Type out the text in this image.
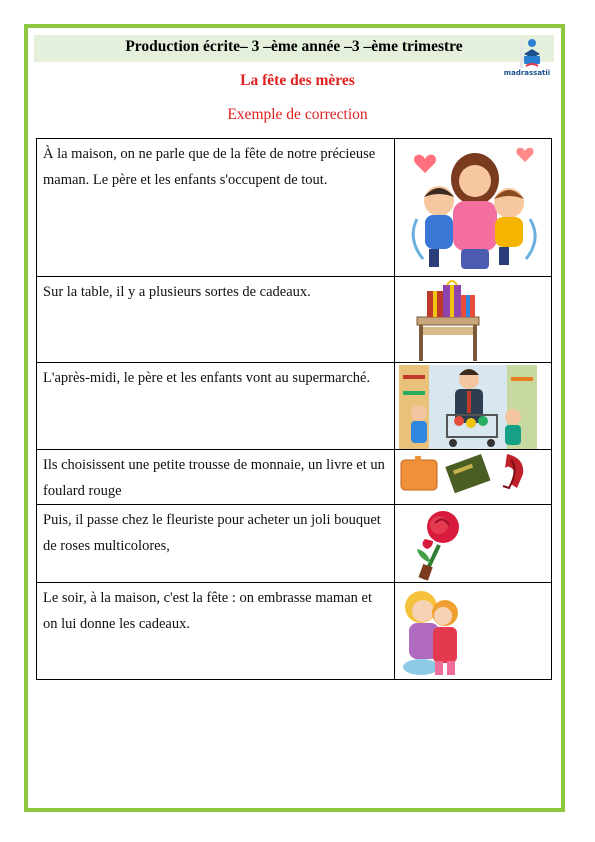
Production écrite– 3 –ème année –3 –ème trimestre
madrassatii
La fête des mères
Exemple de correction
À la maison, on ne parle que de la fête de notre précieuse maman. Le père et les enfants s'occupent de tout.	

Sur la table, il y a plusieurs sortes de cadeaux.	

L'après-midi, le père et les enfants vont au supermarché.	

Ils choisissent une petite trousse de monnaie, un livre et un foulard rouge	

Puis, il passe chez le fleuriste pour acheter un joli bouquet de roses multicolores,	

Le soir, à la maison, c'est la fête : on embrasse maman et on lui donne les cadeaux.	
